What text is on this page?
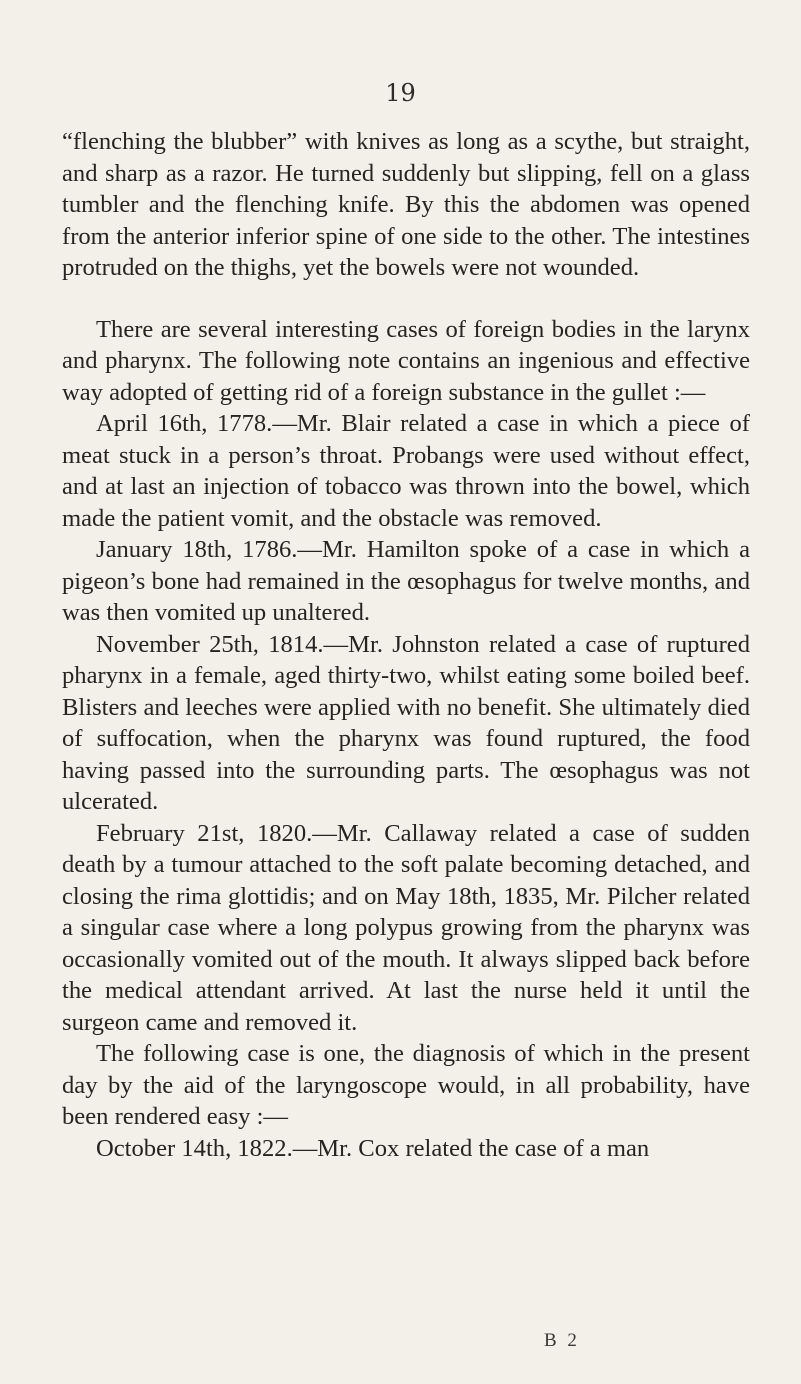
19

“flenching the blubber” with knives as long as a scythe, but straight, and sharp as a razor. He turned suddenly but slipping, fell on a glass tumbler and the flenching knife. By this the abdomen was opened from the anterior inferior spine of one side to the other. The intestines protruded on the thighs, yet the bowels were not wounded.

There are several interesting cases of foreign bodies in the larynx and pharynx. The following note contains an ingenious and effective way adopted of getting rid of a foreign substance in the gullet :—

April 16th, 1778.—Mr. Blair related a case in which a piece of meat stuck in a person’s throat. Probangs were used without effect, and at last an injection of tobacco was thrown into the bowel, which made the patient vomit, and the obstacle was removed.

January 18th, 1786.—Mr. Hamilton spoke of a case in which a pigeon’s bone had remained in the œsophagus for twelve months, and was then vomited up unaltered.

November 25th, 1814.—Mr. Johnston related a case of ruptured pharynx in a female, aged thirty-two, whilst eating some boiled beef. Blisters and leeches were applied with no benefit. She ultimately died of suffocation, when the pharynx was found ruptured, the food having passed into the surrounding parts. The œsophagus was not ulcerated.

February 21st, 1820.—Mr. Callaway related a case of sudden death by a tumour attached to the soft palate becoming detached, and closing the rima glottidis; and on May 18th, 1835, Mr. Pilcher related a singular case where a long polypus growing from the pharynx was occasionally vomited out of the mouth. It always slipped back before the medical attendant arrived. At last the nurse held it until the surgeon came and removed it.

The following case is one, the diagnosis of which in the present day by the aid of the laryngoscope would, in all probability, have been rendered easy :—

October 14th, 1822.—Mr. Cox related the case of a man

B 2
